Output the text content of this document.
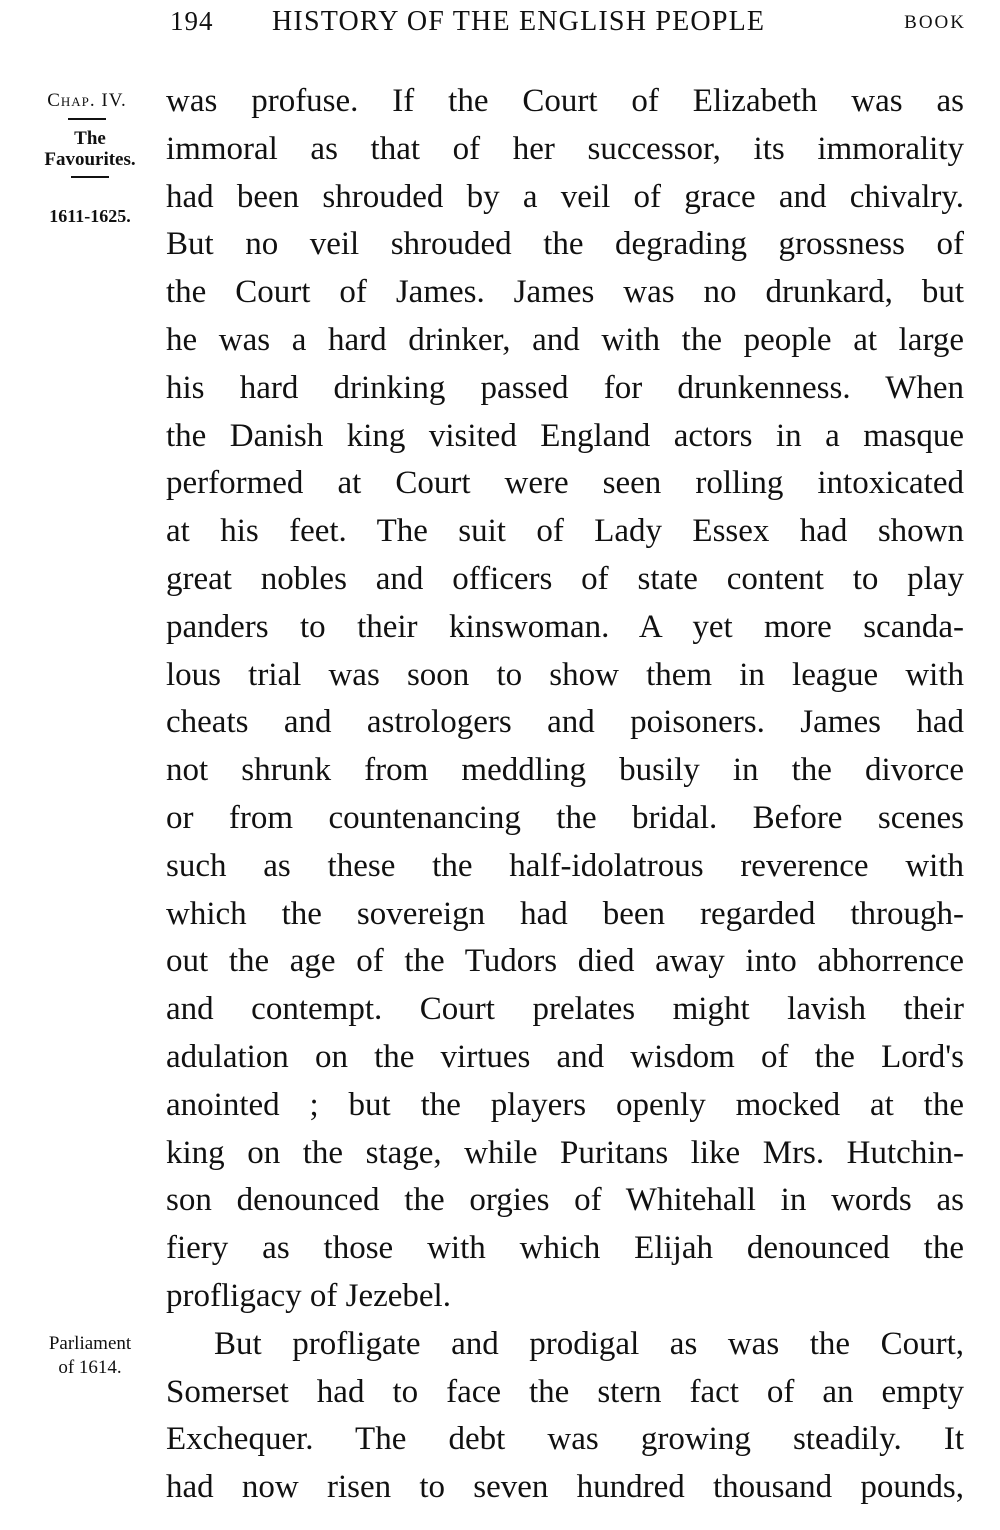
194 HISTORY OF THE ENGLISH PEOPLE	BOOK
Chap. IV.
The
Favourites.
1611-1625.
Parliament
of 1614.
was profuse. If the Court of Elizabeth was as
immoral as that of her successor, its immorality
had been shrouded by a veil of grace and chivalry.
But no veil shrouded the degrading grossness of
the Court of James. James was no drunkard, but
he was a hard drinker, and with the people at large
his hard drinking passed for drunkenness. When
the Danish king visited England actors in a masque
performed at Court were seen rolling intoxicated
at his feet. The suit of Lady Essex had shown
great nobles and officers of state content to play
panders to their kinswoman. A yet more scanda-
lous trial was soon to show them in league with
cheats and astrologers and poisoners. James had
not shrunk from meddling busily in the divorce
or from countenancing the bridal. Before scenes
such as these the half-idolatrous reverence with
which the sovereign had been regarded through-
out the age of the Tudors died away into abhorrence
and contempt. Court prelates might lavish their
adulation on the virtues and wisdom of the Lord's
anointed ; but the players openly mocked at the
king on the stage, while Puritans like Mrs. Hutchin-
son denounced the orgies of Whitehall in words as
fiery as those with which Elijah denounced the
profligacy of Jezebel.
But profligate and prodigal as was the Court,
Somerset had to face the stern fact of an empty
Exchequer. The debt was growing steadily. It
had now risen to seven hundred thousand pounds,
